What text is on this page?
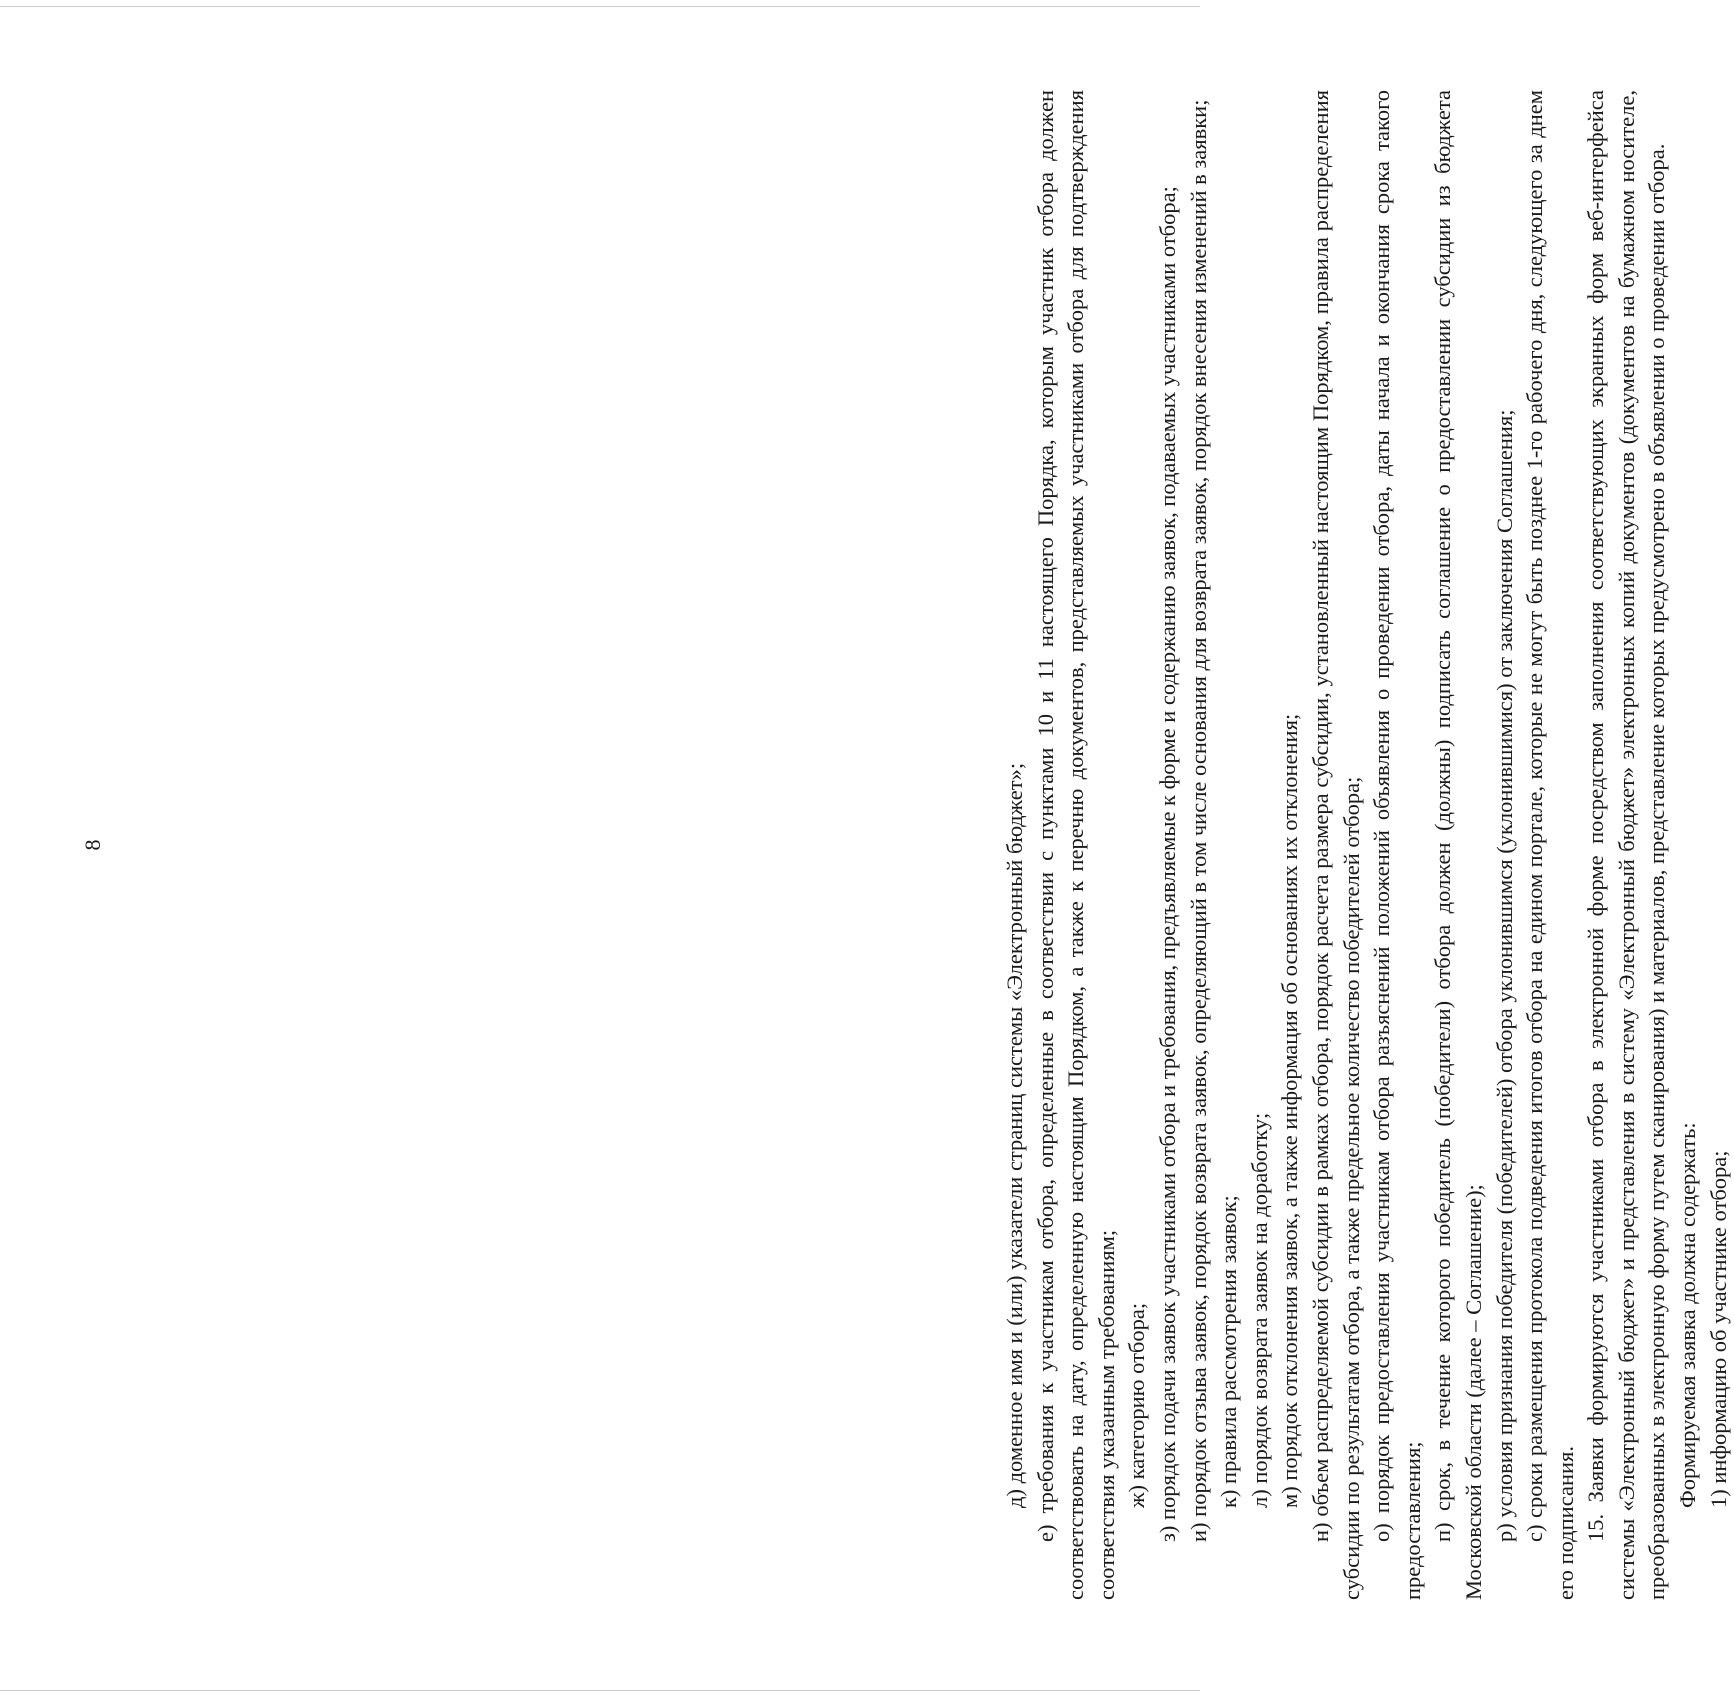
8	д) доменное имя и (или) указатели страниц системы «Электронный бюджет»; е) требования к участникам отбора, определенные в соответствии с пунктами 10 и 11 настоящего Порядка, которым участник отбора должен соответствовать на дату, определенную настоящим Порядком, а также к перечню документов, представляемых участниками отбора для подтверждения соответствия указанным требованиям; ж) категорию отбора; з) порядок подачи заявок участниками отбора и требования, предъявляемые к форме и содержанию заявок, подаваемых участниками отбора; и) порядок отзыва заявок, порядок возврата заявок, определяющий в том числе основания для возврата заявок, порядок внесения изменений в заявки; к) правила рассмотрения заявок; л) порядок возврата заявок на доработку; м) порядок отклонения заявок, а также информация об основаниях их отклонения; н) объем распределяемой субсидии в рамках отбора, порядок расчета размера субсидии, установленный настоящим Порядком, правила распределения субсидии по результатам отбора, а также предельное количество победителей отбора; о) порядок предоставления участникам отбора разъяснений положений объявления о проведении отбора, даты начала и окончания срока такого предоставления; п) срок, в течение которого победитель (победители) отбора должен (должны) подписать соглашение о предоставлении субсидии из бюджета Московской области (далее – Соглашение); р) условия признания победителя (победителей) отбора уклонившимся (уклонившимися) от заключения Соглашения; с) сроки размещения протокола подведения итогов отбора на едином портале, которые не могут быть позднее 1-го рабочего дня, следующего за днем его подписания. 15. Заявки формируются участниками отбора в электронной форме посредством заполнения соответствующих экранных форм веб-интерфейса системы «Электронный бюджет» и представления в систему «Электронный бюджет» электронных копий документов (документов на бумажном носителе, преобразованных в электронную форму путем сканирования) и материалов, представление которых предусмотрено в объявлении о проведении отбора. Формируемая заявка должна содержать: 1) информацию об участнике отбора;
